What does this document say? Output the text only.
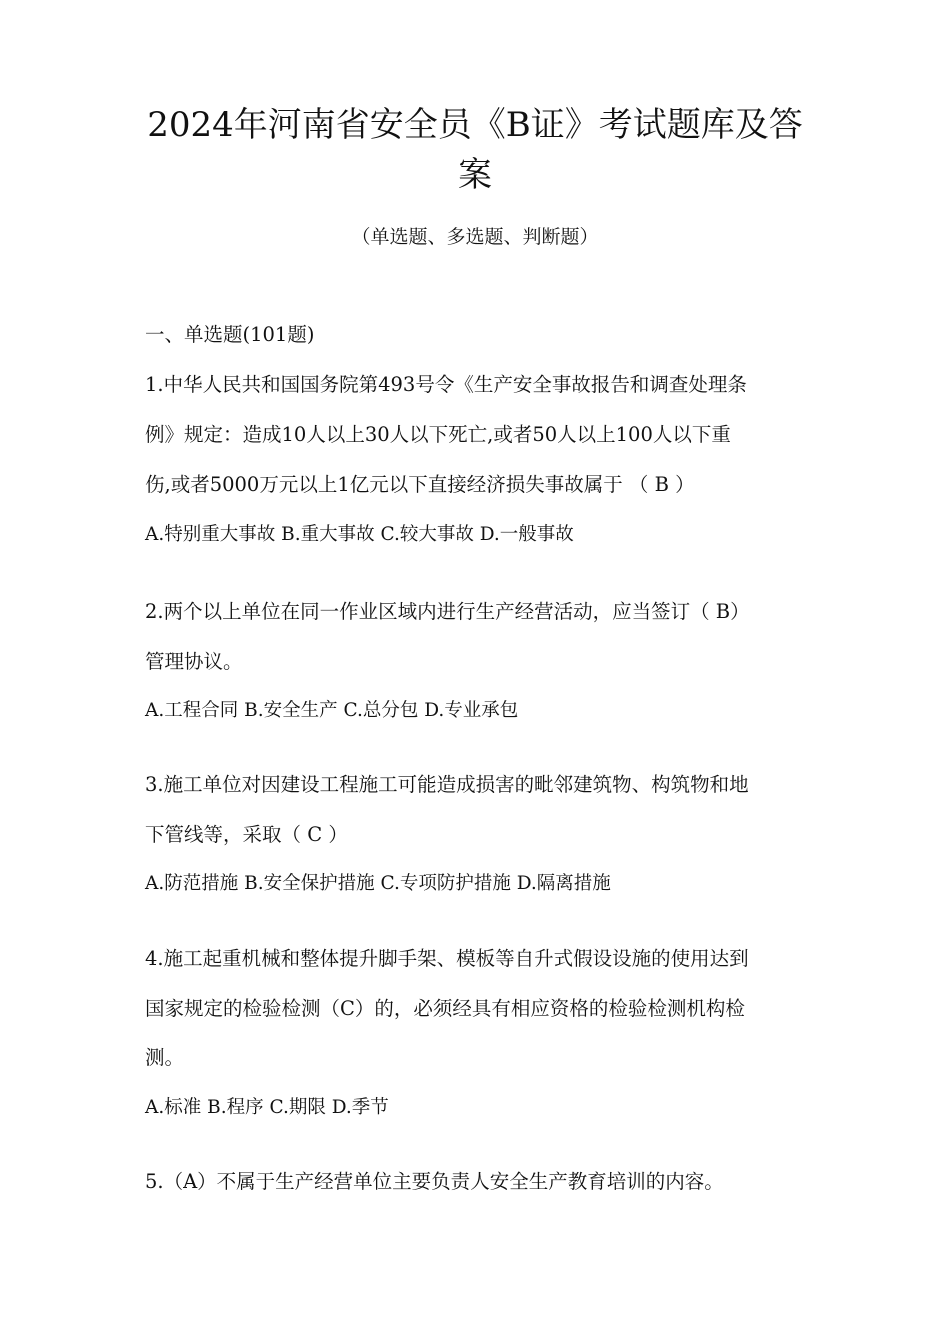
2024年河南省安全员《B证》考试题库及答
案
（单选题、多选题、判断题）
一、单选题(101题)
1.中华人民共和国国务院第493号令《生产安全事故报告和调查处理条
例》规定：造成10人以上30人以下死亡,或者50人以上100人以下重
伤,或者5000万元以上1亿元以下直接经济损失事故属于 （ B ）
A.特别重大事故 B.重大事故 C.较大事故 D.一般事故
2.两个以上单位在同一作业区域内进行生产经营活动，应当签订（ B）
管理协议。
A.工程合同 B.安全生产 C.总分包 D.专业承包
3.施工单位对因建设工程施工可能造成损害的毗邻建筑物、构筑物和地
下管线等，采取（ C ）
A.防范措施 B.安全保护措施 C.专项防护措施 D.隔离措施
4.施工起重机械和整体提升脚手架、模板等自升式假设设施的使用达到
国家规定的检验检测（C）的，必须经具有相应资格的检验检测机构检
测。
A.标准 B.程序 C.期限 D.季节
5.（A）不属于生产经营单位主要负责人安全生产教育培训的内容。
